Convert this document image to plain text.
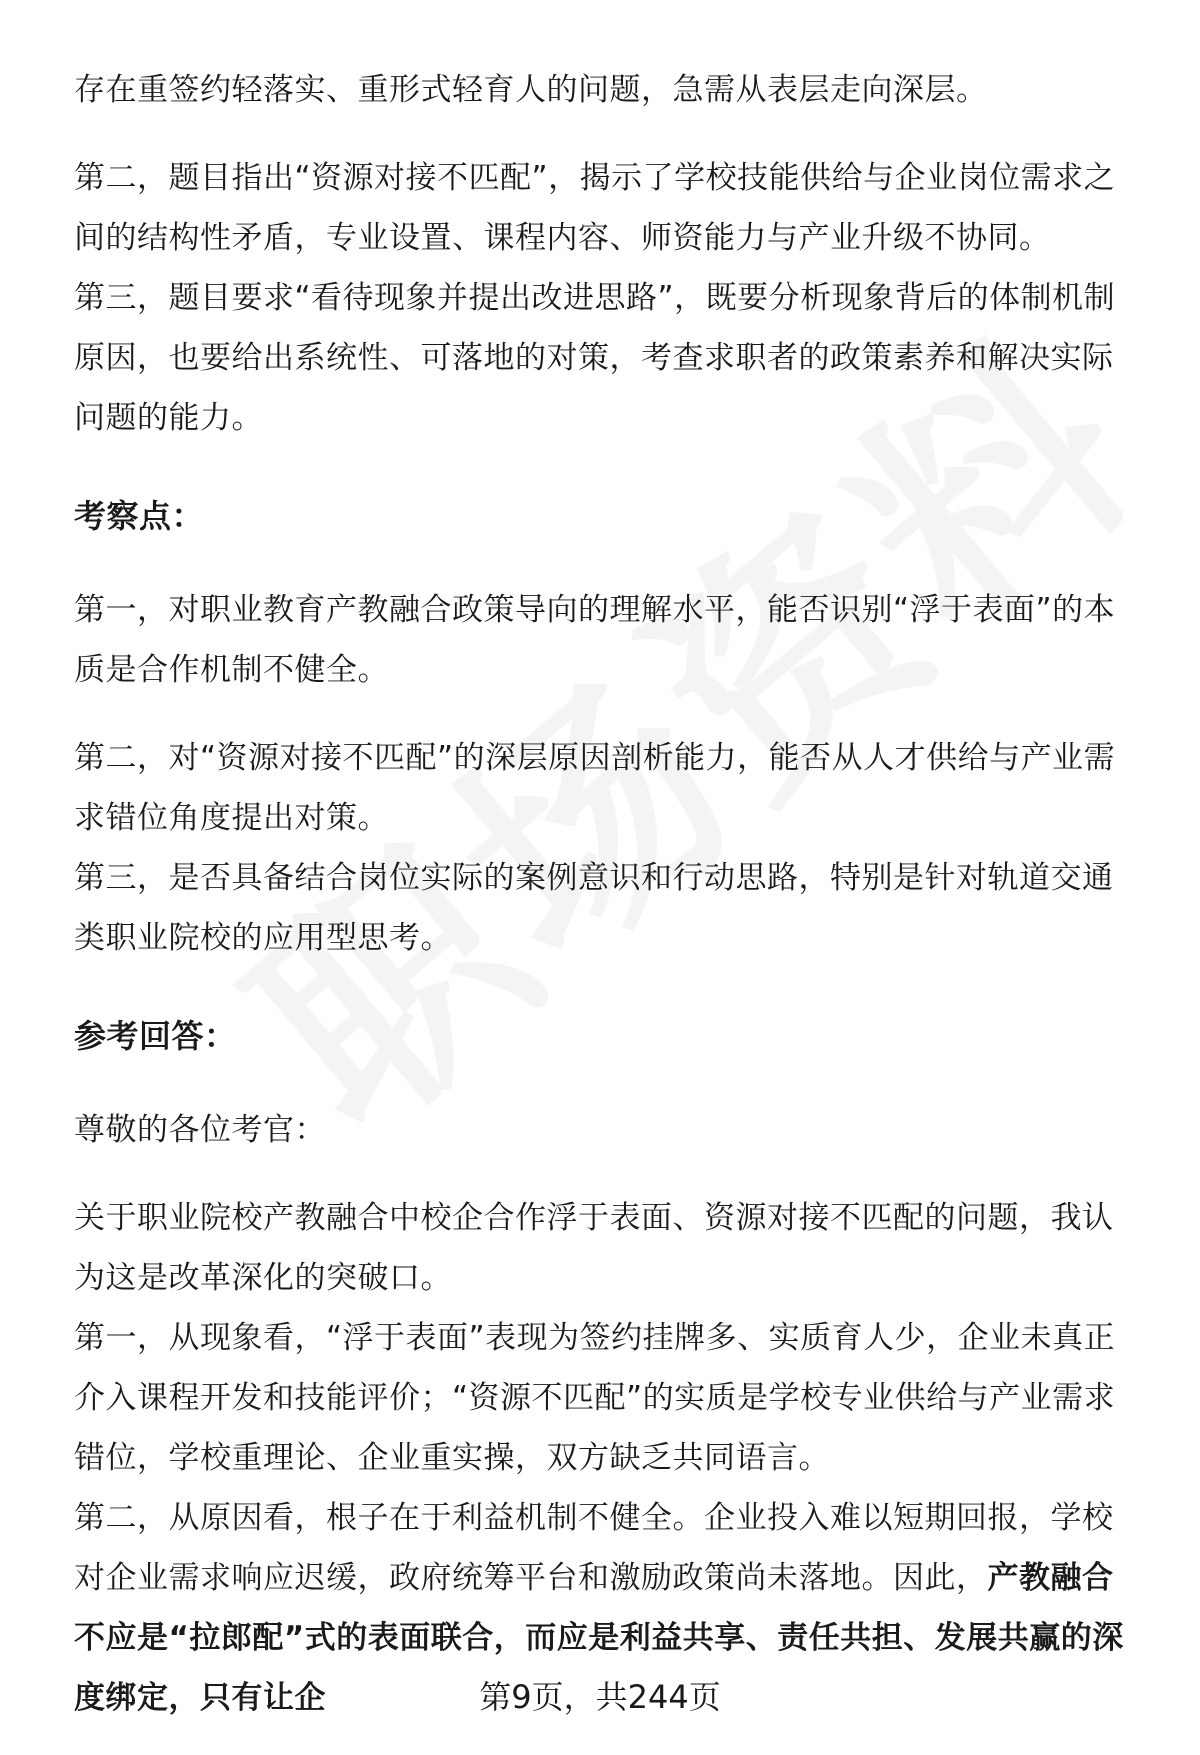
存在重签约轻落实、重形式轻育人的问题，急需从表层走向深层。

第二，题目指出“资源对接不匹配”，揭示了学校技能供给与企业岗位需求之间的结构性矛盾，专业设置、课程内容、师资能力与产业升级不协同。

第三，题目要求“看待现象并提出改进思路”，既要分析现象背后的体制机制原因，也要给出系统性、可落地的对策，考查求职者的政策素养和解决实际问题的能力。

考察点：

第一，对职业教育产教融合政策导向的理解水平，能否识别“浮于表面”的本质是合作机制不健全。

第二，对“资源对接不匹配”的深层原因剖析能力，能否从人才供给与产业需求错位角度提出对策。

第三，是否具备结合岗位实际的案例意识和行动思路，特别是针对轨道交通类职业院校的应用型思考。

参考回答：

尊敬的各位考官：

关于职业院校产教融合中校企合作浮于表面、资源对接不匹配的问题，我认为这是改革深化的突破口。

第一，从现象看，“浮于表面”表现为签约挂牌多、实质育人少，企业未真正介入课程开发和技能评价；“资源不匹配”的实质是学校专业供给与产业需求错位，学校重理论、企业重实操，双方缺乏共同语言。

第二，从原因看，根子在于利益机制不健全。企业投入难以短期回报，学校对企业需求响应迟缓，政府统筹平台和激励政策尚未落地。因此，产教融合不应是“拉郎配”式的表面联合，而应是利益共享、责任共担、发展共赢的深度绑定，只有让企	第9页，共244页
